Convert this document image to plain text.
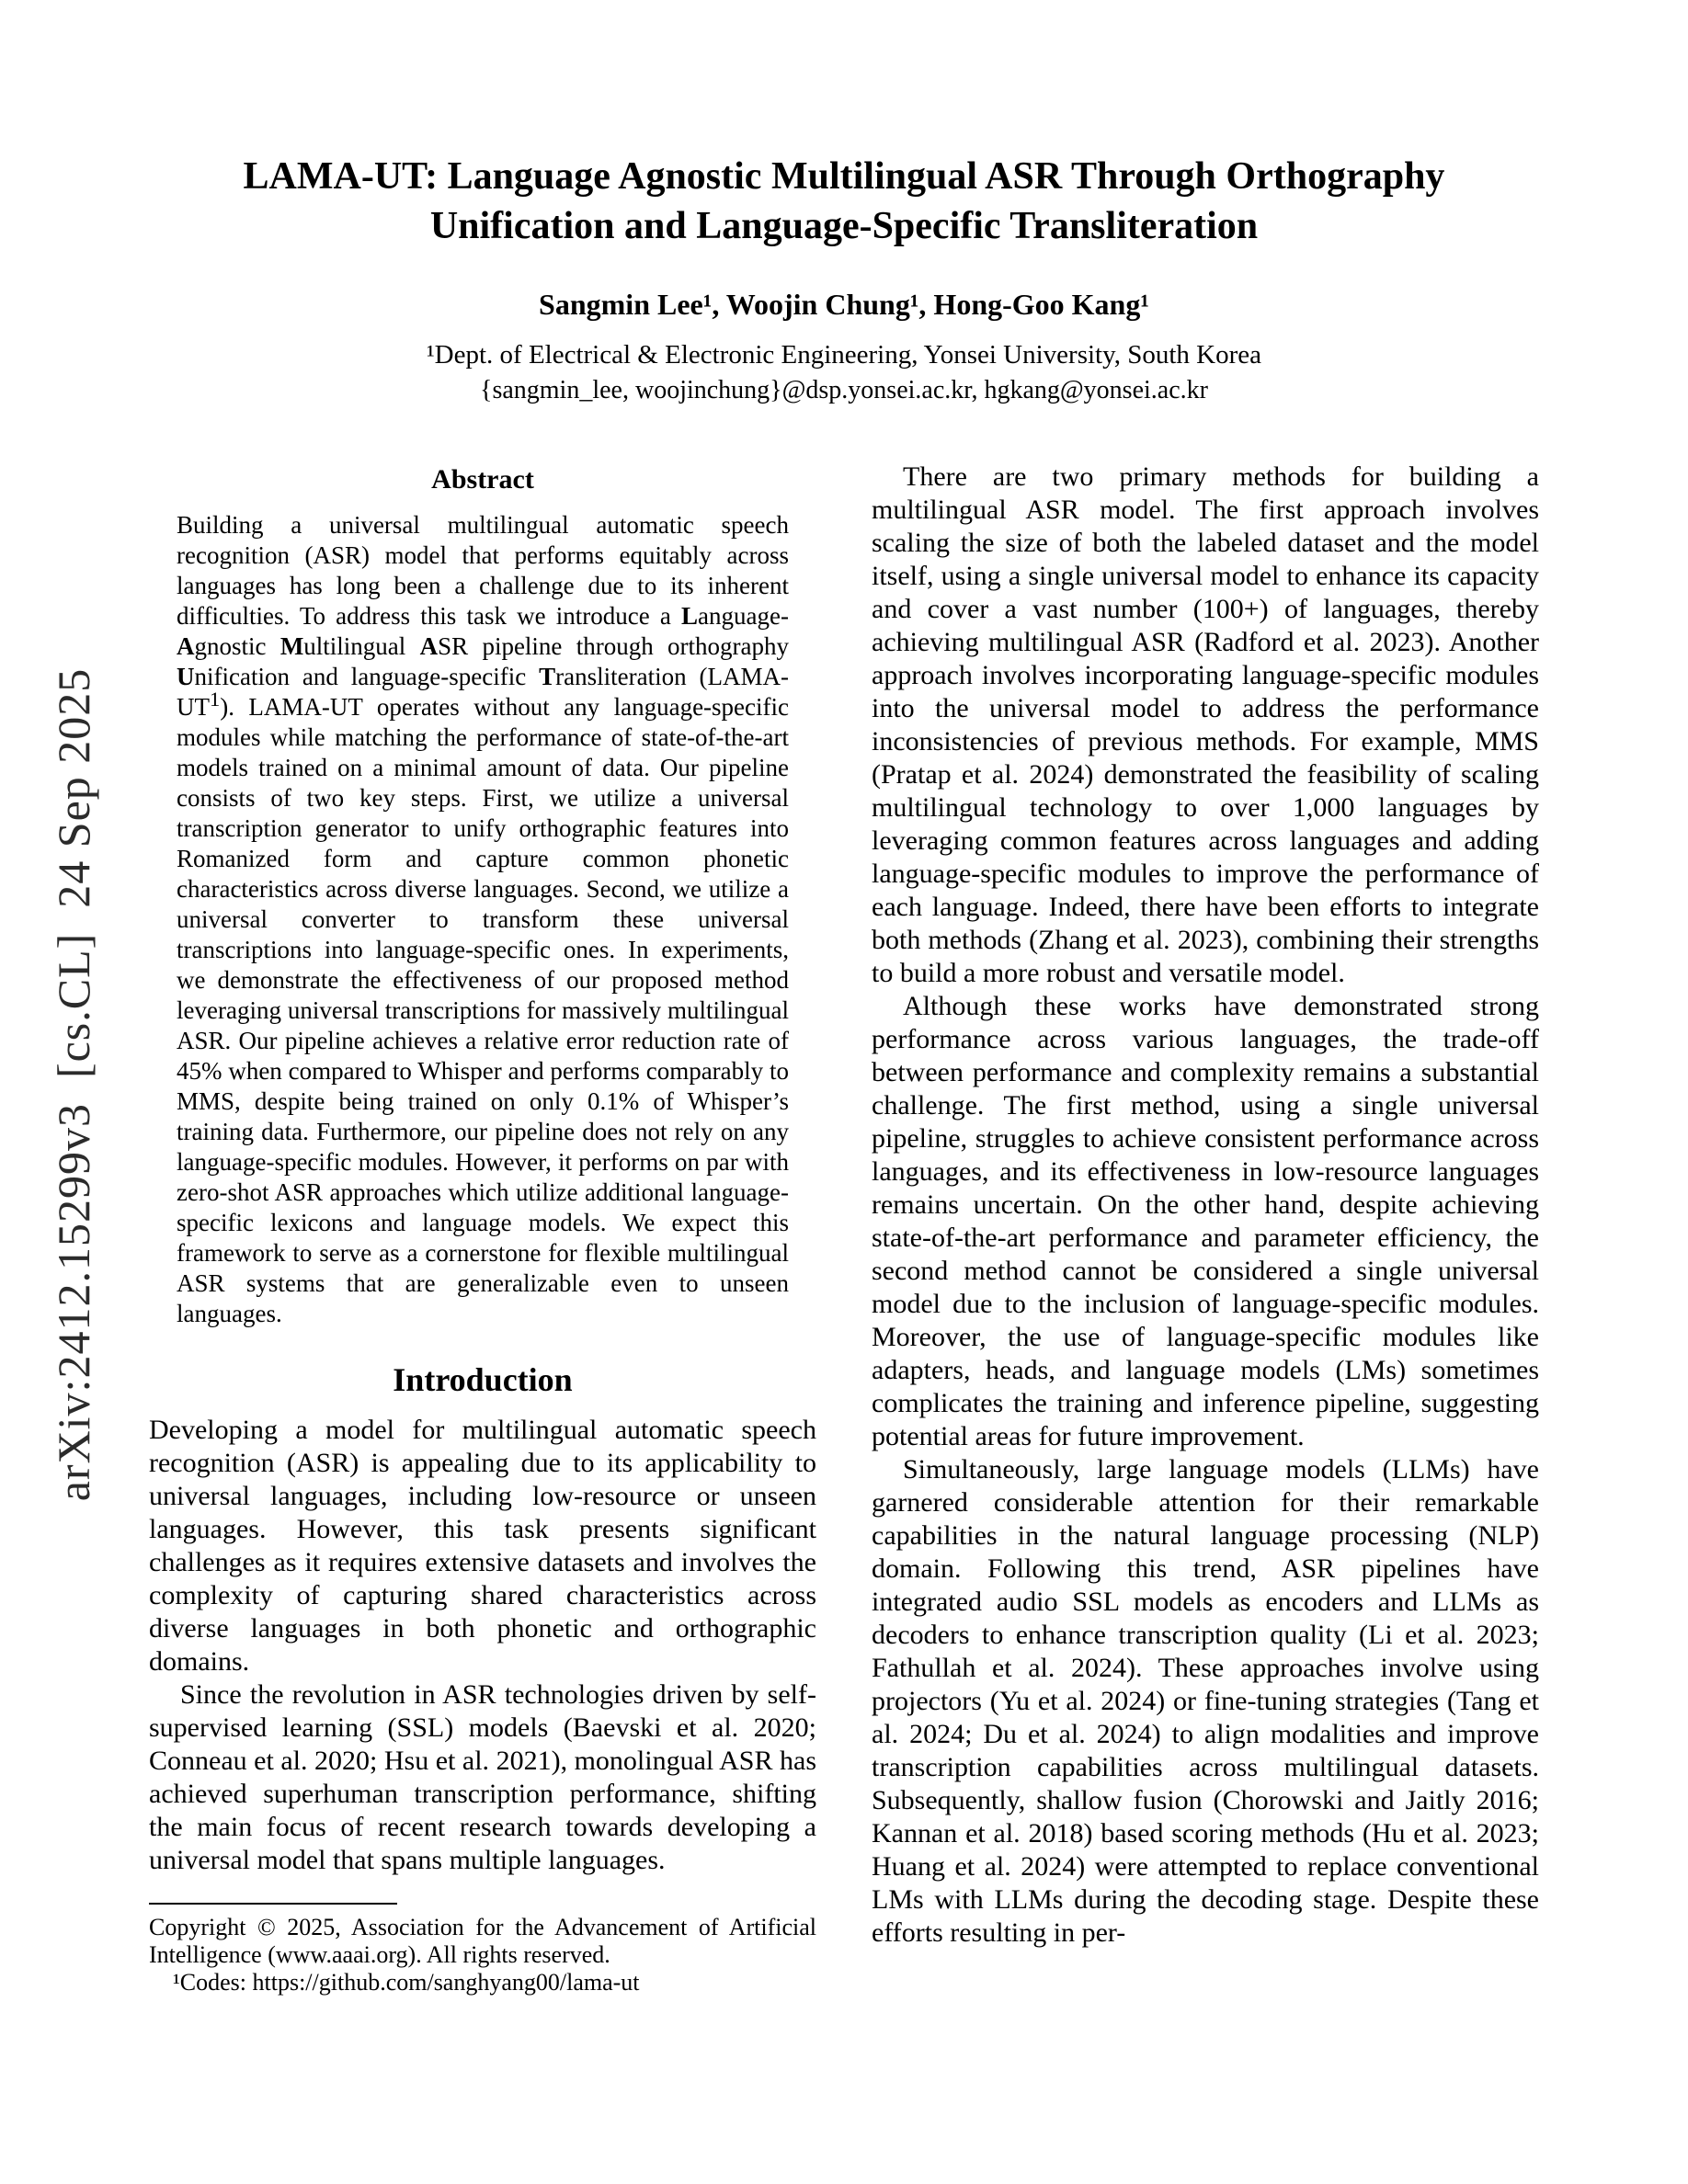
arXiv:2412.15299v3  [cs.CL]  24 Sep 2025
LAMA-UT: Language Agnostic Multilingual ASR Through Orthography
Unification and Language-Specific Transliteration
Sangmin Lee¹, Woojin Chung¹, Hong-Goo Kang¹
¹Dept. of Electrical & Electronic Engineering, Yonsei University, South Korea
{sangmin_lee, woojinchung}@dsp.yonsei.ac.kr, hgkang@yonsei.ac.kr
Abstract

Building a universal multilingual automatic speech recognition (ASR) model that performs equitably across languages has long been a challenge due to its inherent difficulties. To address this task we introduce a Language-Agnostic Multilingual ASR pipeline through orthography Unification and language-specific Transliteration $(LAMA-UT^1)$. LAMA-UT operates without any language-specific modules while matching the performance of state-of-the-art models trained on a minimal amount of data. Our pipeline consists of two key steps. First, we utilize a universal transcription generator to unify orthographic features into Romanized form and capture common phonetic characteristics across diverse languages. Second, we utilize a universal converter to transform these universal transcriptions into language-specific ones. In experiments, we demonstrate the effectiveness of our proposed method leveraging universal transcriptions for massively multilingual ASR. Our pipeline achieves a relative error reduction rate of 45% when compared to Whisper and performs comparably to MMS, despite being trained on only 0.1% of Whisper’s training data. Furthermore, our pipeline does not rely on any language-specific modules. However, it performs on par with zero-shot ASR approaches which utilize additional language-specific lexicons and language models. We expect this framework to serve as a cornerstone for flexible multilingual ASR systems that are generalizable even to unseen languages.

Introduction

Developing a model for multilingual automatic speech recognition (ASR) is appealing due to its applicability to universal languages, including low-resource or unseen languages. However, this task presents significant challenges as it requires extensive datasets and involves the complexity of capturing shared characteristics across diverse languages in both phonetic and orthographic domains.

Since the revolution in ASR technologies driven by self-supervised learning (SSL) models (Baevski et al. 2020; Conneau et al. 2020; Hsu et al. 2021), monolingual ASR has achieved superhuman transcription performance, shifting the main focus of recent research towards developing a universal model that spans multiple languages.

Copyright © 2025, Association for the Advancement of Artificial Intelligence (www.aaai.org). All rights reserved.

¹Codes: https://github.com/sanghyang00/lama-ut

There are two primary methods for building a multilingual ASR model. The first approach involves scaling the size of both the labeled dataset and the model itself, using a single universal model to enhance its capacity and cover a vast number (100+) of languages, thereby achieving multilingual ASR (Radford et al. 2023). Another approach involves incorporating language-specific modules into the universal model to address the performance inconsistencies of previous methods. For example, MMS (Pratap et al. 2024) demonstrated the feasibility of scaling multilingual technology to over 1,000 languages by leveraging common features across languages and adding language-specific modules to improve the performance of each language. Indeed, there have been efforts to integrate both methods (Zhang et al. 2023), combining their strengths to build a more robust and versatile model.

Although these works have demonstrated strong performance across various languages, the trade-off between performance and complexity remains a substantial challenge. The first method, using a single universal pipeline, struggles to achieve consistent performance across languages, and its effectiveness in low-resource languages remains uncertain. On the other hand, despite achieving state-of-the-art performance and parameter efficiency, the second method cannot be considered a single universal model due to the inclusion of language-specific modules. Moreover, the use of language-specific modules like adapters, heads, and language models (LMs) sometimes complicates the training and inference pipeline, suggesting potential areas for future improvement.

Simultaneously, large language models (LLMs) have garnered considerable attention for their remarkable capabilities in the natural language processing (NLP) domain. Following this trend, ASR pipelines have integrated audio SSL models as encoders and LLMs as decoders to enhance transcription quality (Li et al. 2023; Fathullah et al. 2024). These approaches involve using projectors (Yu et al. 2024) or fine-tuning strategies (Tang et al. 2024; Du et al. 2024) to align modalities and improve transcription capabilities across multilingual datasets. Subsequently, shallow fusion (Chorowski and Jaitly 2016; Kannan et al. 2018) based scoring methods (Hu et al. 2023; Huang et al. 2024) were attempted to replace conventional LMs with LLMs during the decoding stage. Despite these efforts resulting in per-
